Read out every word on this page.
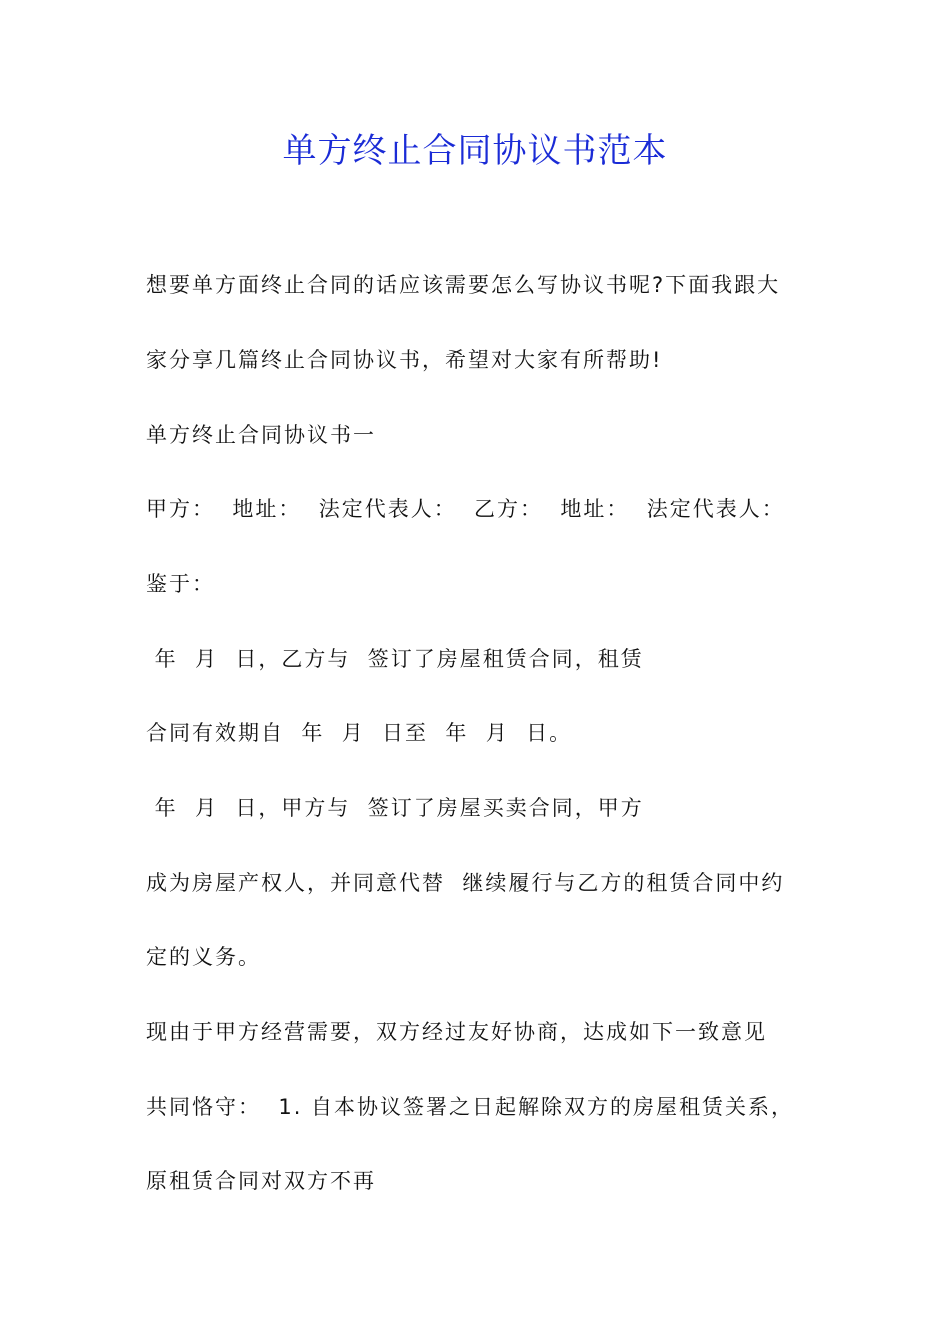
单方终止合同协议书范本
想要单方面终止合同的话应该需要怎么写协议书呢?下面我跟大
家分享几篇终止合同协议书，希望对大家有所帮助!
单方终止合同协议书一
甲方：  地址：  法定代表人：  乙方：  地址：  法定代表人：
鉴于：
年  月  日，乙方与  签订了房屋租赁合同，租赁
合同有效期自  年  月  日至  年  月  日。
年  月  日，甲方与  签订了房屋买卖合同，甲方
成为房屋产权人，并同意代替  继续履行与乙方的租赁合同中约
定的义务。
现由于甲方经营需要，双方经过友好协商，达成如下一致意见
共同恪守：  1. 自本协议签署之日起解除双方的房屋租赁关系，
原租赁合同对双方不再
